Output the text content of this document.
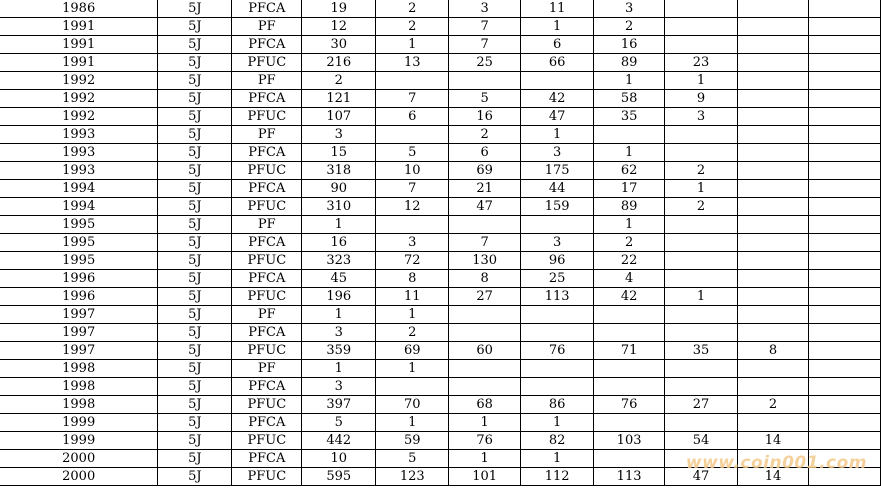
1986	5J	PFCA	19	2	3	11	3			
1991	5J	PF	12	2	7	1	2			
1991	5J	PFCA	30	1	7	6	16			
1991	5J	PFUC	216	13	25	66	89	23		
1992	5J	PF	2				1	1		
1992	5J	PFCA	121	7	5	42	58	9		
1992	5J	PFUC	107	6	16	47	35	3		
1993	5J	PF	3		2	1				
1993	5J	PFCA	15	5	6	3	1			
1993	5J	PFUC	318	10	69	175	62	2		
1994	5J	PFCA	90	7	21	44	17	1		
1994	5J	PFUC	310	12	47	159	89	2		
1995	5J	PF	1				1			
1995	5J	PFCA	16	3	7	3	2			
1995	5J	PFUC	323	72	130	96	22			
1996	5J	PFCA	45	8	8	25	4			
1996	5J	PFUC	196	11	27	113	42	1		
1997	5J	PF	1	1						
1997	5J	PFCA	3	2						
1997	5J	PFUC	359	69	60	76	71	35	8	
1998	5J	PF	1	1						
1998	5J	PFCA	3							
1998	5J	PFUC	397	70	68	86	76	27	2	
1999	5J	PFCA	5	1	1	1				
1999	5J	PFUC	442	59	76	82	103	54	14	
2000	5J	PFCA	10	5	1	1				
2000	5J	PFUC	595	123	101	112	113	47	14	
www.coin001.com
